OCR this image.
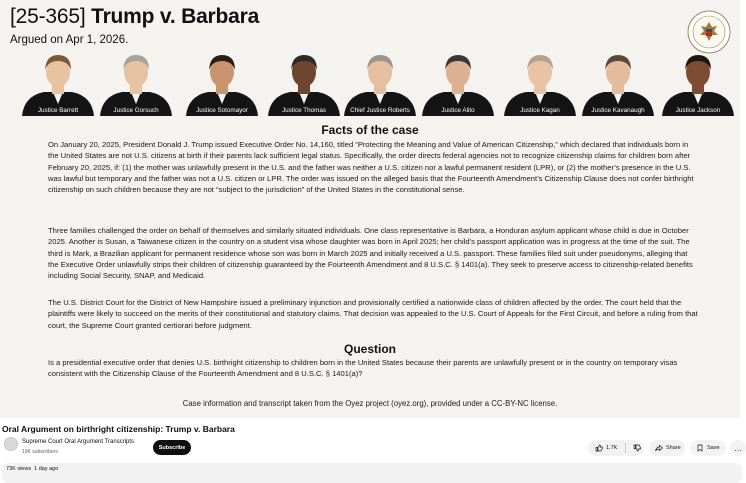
[25-365] Trump v. Barbara
Argued on Apr 1, 2026.
Justice Barrett	Justice Gorsuch	Justice Sotomayor	Justice Thomas	Chief Justice Roberts	Justice Alito	Justice Kagan	Justice Kavanaugh	Justice Jackson
Facts of the case

On January 20, 2025, President Donald J. Trump issued Executive Order No. 14,160, titled “Protecting the Meaning and Value of American Citizenship,” which declared that individuals born in the United States are not U.S. citizens at birth if their parents lack sufficient legal status. Specifically, the order directs federal agencies not to recognize citizenship claims for children born after February 20, 2025, if: (1) the mother was unlawfully present in the U.S. and the father was neither a U.S. citizen nor a lawful permanent resident (LPR), or (2) the mother’s presence in the U.S. was lawful but temporary and the father was not a U.S. citizen or LPR. The order was issued on the alleged basis that the Fourteenth Amendment’s Citizenship Clause does not confer birthright citizenship on such children because they are not “subject to the jurisdiction” of the United States in the constitutional sense.

Three families challenged the order on behalf of themselves and similarly situated individuals. One class representative is Barbara, a Honduran asylum applicant whose child is due in October 2025. Another is Susan, a Taiwanese citizen in the country on a student visa whose daughter was born in April 2025; her child’s passport application was in progress at the time of the suit. The third is Mark, a Brazilian applicant for permanent residence whose son was born in March 2025 and initially received a U.S. passport. These families filed suit under pseudonyms, alleging that the Executive Order unlawfully strips their children of citizenship guaranteed by the Fourteenth Amendment and 8 U.S.C. § 1401(a). They seek to preserve access to citizenship-related benefits including Social Security, SNAP, and Medicaid.

The U.S. District Court for the District of New Hampshire issued a preliminary injunction and provisionally certified a nationwide class of children affected by the order. The court held that the plaintiffs were likely to succeed on the merits of their constitutional and statutory claims. That decision was appealed to the U.S. Court of Appeals for the First Circuit, and before a ruling from that court, the Supreme Court granted certiorari before judgment.

Question

Is a presidential executive order that denies U.S. birthright citizenship to children born in the United States because their parents are unlawfully present or in the country on temporary visas consistent with the Citizenship Clause of the Fourteenth Amendment and 8 U.S.C. § 1401(a)?

Case information and transcript taken from the Oyez project (oyez.org), provided under a CC-BY-NC license.
Oral Argument on birthright citizenship: Trump v. Barbara
Supreme Court Oral Argument Transcripts
19K subscribers
Subscribe	1.7K	Share	Save …
73K views 1 day ago
